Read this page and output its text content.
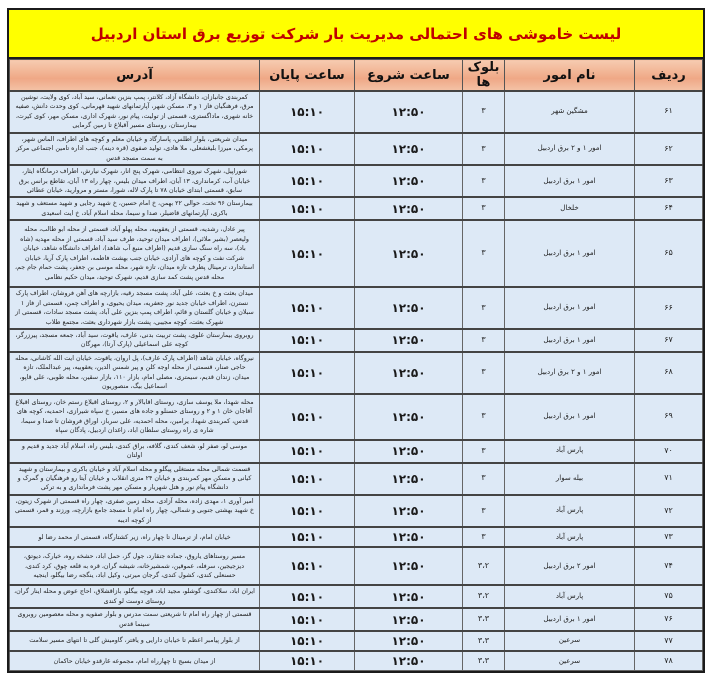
لیست خاموشی های احتمالی مدیریت بار شرکت توزیع برق استان اردبیل
ردیف	نام امور	بلوک ها	ساعت شروع	ساعت پایان	آدرس
۶۱	مشگین شهر	۳	۱۲:۵۰	۱۵:۱۰	کمربندی جانبازان، دانشگاه آزاد، کلانتر، پمپ بنزین نعمانی، سید آباد، کوی ولایت، نوشین مرق، فرهنگیان فاز ۱ و ۳، مسکن شهر، آپارتمانهای شهید قهرمانی، کوی وحدت دانش، صفیه خانه شهری، ماداگستری، قسمتی از تولیت، پیام نور، شهرک اداری، مسکن مهر، کوی کیرت، بیمارستان، روستای مسیر آقبلاغ تا زمین گرمایی
۶۲	امور ۱ و ۲ برق اردبیل	۳	۱۲:۵۰	۱۵:۱۰	میدان شریعتی، بلوار اطلس، پاسارگاد و خیابان معلم و کوچه های اطراف، الماس شهر، پرمکی، میرزا بلیغشعلی، ملا هادی، تولید صفوی (قره دینه)، جنب اداره تامین اجتماعی مرکز به سمت مسجد قدس
۶۳	امور ۱ برق اردبیل	۳	۱۲:۵۰	۱۵:۱۰	شوراپیل، شهرک نیروی انتظامی، شهرک پنج انار، شهرک نیارش، اطراف درمانگاه ایثار، خیابان آب، کرمانداری، ۱۳ آبان، اطراف میدان بلیس، چهار راه ۱۳ آبان، تقاطع برانس برق سابق، قسمتی ابتدای خیابان ۷۸ تا پارک لاله، شورا، مستر و مروارید، خیابان عطائی
۶۴	خلخال	۳	۱۲:۵۰	۱۵:۱۰	بیمارستان ۹۶ تخت، حوالی ۲۲ بهمن، خ امام حسین، خ شهید رجایی و شهید مستعف و شهید باکری، آپارتمانهای قاضیلر، صدا و سیما، محله اسلام آباد، خ ایت اسعیدی
۶۵	امور ۱ برق اردبیل	۳	۱۲:۵۰	۱۵:۱۰	پیر عادل، رشدیه، قسمتی از یعقوبیه، محله پهلو آباد، قسمتی از محله ابو طالب، محله ولیعصر (بشیر ملائی)، اطراف میدان توحید، طرف سید آباد، قسمتی از محله مهدیه (شاه باد)، سه راه سنگ سازی قدیم (اطراف منبع آب شاهد)، اطراف دانشگاه شاهد، خیابان شرکت نفت و کوچه های آزادی، خیابان جنب بهشت فاطمه، اطراف پارک آریا، خیابان استاندارد، ترمینال پطرف تازه میدان، تازه شهر، محله موسی بن جعفر، پشت حمام جام جم، محله قدس پشت کمد سازی قدیم، شهرک توحید، میدان حکیم نظامی
۶۶	امور ۱ برق اردبیل	۳	۱۲:۵۰	۱۵:۱۰	میدان بعثت و خ بعثت، علی آباد، پشت مسجد رقیه، بازارچه های آهن فروشان، اطراف پارک نسترن، اطراف خیابان جدید نور جعفریه، میدان یحیوی، و اطراف چمن، قسمتی از فاز ۱ سبلان و خیابان گلستان و قائم، اطراف پمپ بنزین علی آباد، پشت مسجد سادات، قسمتی از شهرک بعثت، کوچه مجیبی، پشت بازار شهرداری بعثت، مجتمع طلاب
۶۷	امور ۱ برق اردبیل	۳	۱۲:۵۰	۱۵:۱۰	روبروی بیمارستان علوی، پشت تربیت بدنی، عارف، یاقوت، سید آباد، جمعه مسجد، پیرزرگر، کوچه علی اسماعیلی (پارک آرتا)، مهرگان
۶۸	امور ۱ و ۲ برق اردبیل	۳	۱۲:۵۰	۱۵:۱۰	نیروگاه، خیابان شاهد (اطراف پارک عارف)، پل اروان، یاقوت، خیابان ایت الله کاشانی، محله حاجی صنار، قسمتی از محله اوجه کلن و پیر شمس الدین، یعقوبیه، پیر عبدالملک، تازه میدان، زندان قدیم، سیمتری، مصلی امام، بازار ۱۱۰، بازار سقین، محله طوبی، علی قاپو، اسماعیل بیگ، منصوریون
۶۹	امور ۱ برق اردبیل	۳	۱۲:۵۰	۱۵:۱۰	محله شهدا، ملا یوسف سازی، روستای اقابالار و ۲، روستای اقبلاغ رستم خان، روستای اقبلاغ آقاجان خان ۱ و ۲ و روستای حسنلو و جاده های مسیر، خ سپاه شیرازی، احمدیه، کوچه های قدس، کمربندی شهدا، یرامین، محله احمدیه، علی سرباز، اوراق فروشان تا صدا و سیما، شاره ی راه روستای سلطان اباد، زاغدان اردبیل، پادگان سپاه
۷۰	پارس آباد	۳	۱۲:۵۰	۱۵:۱۰	موسی لو، صفر لو، شعف کندی، گلافه، براق کندی، بلیس راه، اسلام آباد جدید و قدیم و اولتان
۷۱	بیله سوار	۳	۱۲:۵۰	۱۵:۱۰	قسمت شمالی محله مستغلی پیگلو و محله اسلام آباد و خیابان باکری و بیمارستان و شهید کیانی و مسکن مهر کمربندی و خیابان ۲۴ متری انقلاب و خیابان آیتا رو فرهنگیان و گمرک و دانشگاه پیام نور و هتل شهریار و مسکن مهر پشت فرمانداری و به ترکی
۷۲	پارس آباد	۳	۱۲:۵۰	۱۵:۱۰	امیر آوری ۱، مهدی زاده، محله آزادی، محله زمین صفری، چهار راه قسمتی از شهرک زیتون، خ شهید بهشتی جنوبی و شمالی، چهار راه امام تا مسجد جامع بازارچه، ورزند و قمر، قسمتی از کوچه ادیبه
۷۳	پارس آباد	۳	۱۲:۵۰	۱۵:۱۰	خیابان امام، از ترمینال تا چهار راه، زیر کشتارگاه، قسمتی از محمد رضا لو
۷۴	امور ۲ برق اردبیل	۳،۲	۱۲:۵۰	۱۵:۱۰	مسیر روستاهای یاروق، جماده جنقارد، جول گز، حمل اباد، حشخه روه، خیارک، دیوتق، دیزجیجین، سرفله، عموقین، شمشیرخانه، شیشه گران، قره به قلعه چوق، کرد کندی، حسنعلی کندی، کشول کندی، گرجان میرتی، وکیل اباد، ینگجه رضا بیگلو، اینجیه
۷۵	پارس آباد	۳،۲	۱۲:۵۰	۱۵:۱۰	ایران اباد، سلاکندی، گوشلو، مجید اباد، قوچه بیگلو، بازاقشلاق، احاج عوض و محله اینار گران، روستای دوست لو کندی
۷۶	امور ۱ برق اردبیل	۳،۳	۱۲:۵۰	۱۵:۱۰	قسمتی از چهار راه امام تا شریعتی سمت مدرس و بلوار صفویه و محله معصومین روبروی سینما قدس
۷۷	سرعین	۳،۳	۱۲:۵۰	۱۵:۱۰	از بلوار پیامبر اعظم تا خیابان دارایی و یافتر، گاومیش گلی تا انتهای مسیر سلامت
۷۸	سرعین	۳،۳	۱۲:۵۰	۱۵:۱۰	از میدان بسیج تا چهارراه امام، مجموعه غارقدو خیابان حاکمان
